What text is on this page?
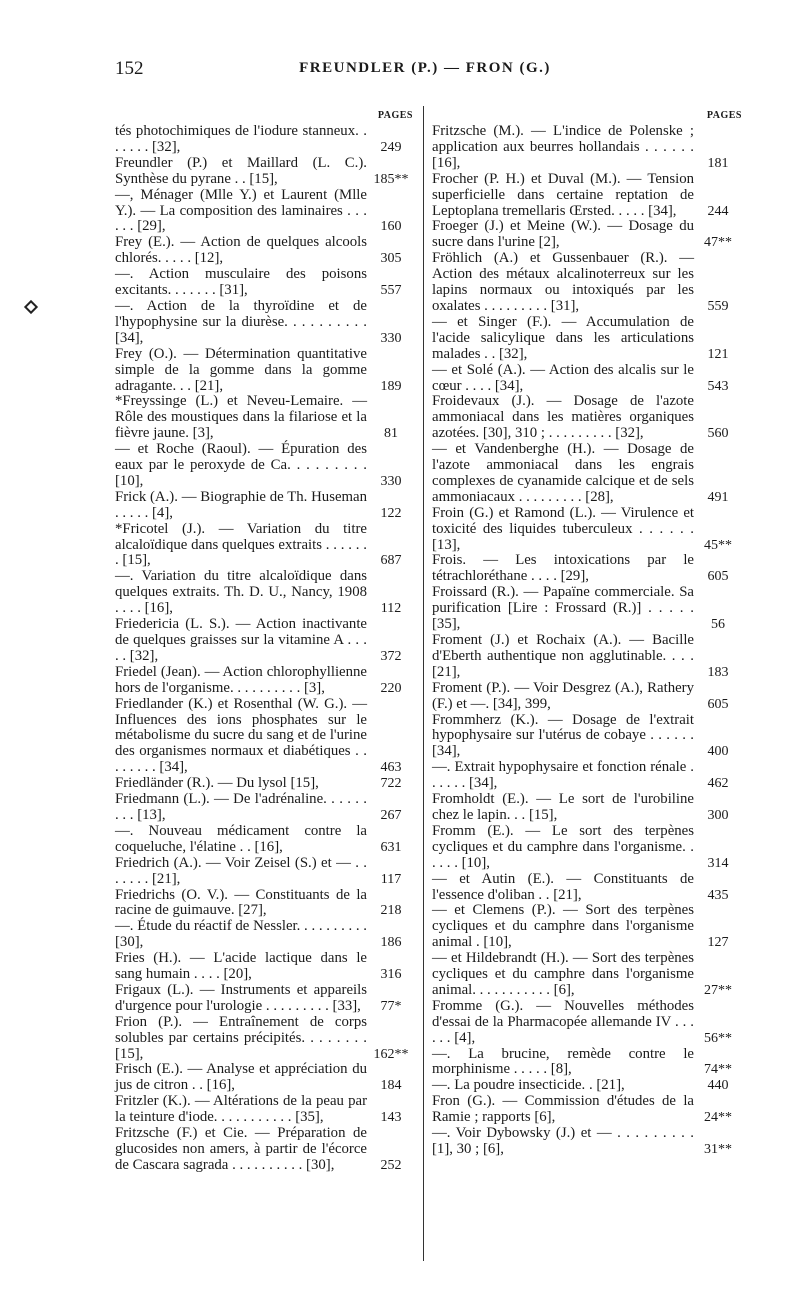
152	FREUNDLER (P.) — FRON (G.)
PAGES
tés photochimiques de l'iodure stanneux. . . . . . . [32],	249
Freundler (P.) et Maillard (L. C.). Synthèse du pyrane . . [15],	185**
—, Ménager (Mlle Y.) et Laurent (Mlle Y.). — La composition des laminaires . . . . . . [29],	160
Frey (E.). — Action de quelques alcools chlorés. . . . . [12],	305
—. Action musculaire des poisons excitants. . . . . . . [31],	557
—. Action de la thyroïdine et de l'hypophysine sur la diurèse. . . . . . . . . . [34],	330
Frey (O.). — Détermination quantitative simple de la gomme dans la gomme adragante. . . [21],	189
*Freyssinge (L.) et Neveu-Lemaire. — Rôle des moustiques dans la filariose et la fièvre jaune. [3],	81
— et Roche (Raoul). — Épuration des eaux par le peroxyde de Ca. . . . . . . . . [10],	330
Frick (A.). — Biographie de Th. Huseman . . . . . [4],	122
*Fricotel (J.). — Variation du titre alcaloïdique dans quelques extraits . . . . . . . [15],	687
—. Variation du titre alcaloïdique dans quelques extraits. Th. D. U., Nancy, 1908 . . . . [16],	112
Friedericia (L. S.). — Action inactivante de quelques graisses sur la vitamine A . . . . . [32],	372
Friedel (Jean). — Action chlorophyllienne hors de l'organisme. . . . . . . . . . [3],	220
Friedlander (K.) et Rosenthal (W. G.). — Influences des ions phosphates sur le métabolisme du sucre du sang et de l'urine des organismes normaux et diabétiques . . . . . . . . [34],	463
Friedländer (R.). — Du lysol [15],	722
Friedmann (L.). — De l'adrénaline. . . . . . . . . [13],	267
—. Nouveau médicament contre la coqueluche, l'élatine . . [16],	631
Friedrich (A.). — Voir Zeisel (S.) et — . . . . . . . [21],	117
Friedrichs (O. V.). — Constituants de la racine de guimauve. [27],	218
—. Étude du réactif de Nessler. . . . . . . . . . [30],	186
Fries (H.). — L'acide lactique dans le sang humain . . . . [20],	316
Frigaux (L.). — Instruments et appareils d'urgence pour l'urologie . . . . . . . . . [33],	77*
Frion (P.). — Entraînement de corps solubles par certains précipités. . . . . . . . [15],	162**
Frisch (E.). — Analyse et appréciation du jus de citron . . [16],	184
Fritzler (K.). — Altérations de la peau par la teinture d'iode. . . . . . . . . . . [35],	143
Fritzsche (F.) et Cie. — Préparation de glucosides non amers, à partir de l'écorce de Cascara sagrada . . . . . . . . . . [30],	252
PAGES
Fritzsche (M.). — L'indice de Polenske ; application aux beurres hollandais . . . . . . [16],	181
Frocher (P. H.) et Duval (M.). — Tension superficielle dans certaine reptation de Leptoplana tremellaris Œrsted. . . . . [34],	244
Froeger (J.) et Meine (W.). — Dosage du sucre dans l'urine [2],	47**
Fröhlich (A.) et Gussenbauer (R.). — Action des métaux alcalinoterreux sur les lapins normaux ou intoxiqués par les oxalates . . . . . . . . . [31],	559
— et Singer (F.). — Accumulation de l'acide salicylique dans les articulations malades . . [32],	121
— et Solé (A.). — Action des alcalis sur le cœur . . . . [34],	543
Froidevaux (J.). — Dosage de l'azote ammoniacal dans les matières organiques azotées. [30], 310 ; . . . . . . . . . [32],	560
— et Vandenberghe (H.). — Dosage de l'azote ammoniacal dans les engrais complexes de cyanamide calcique et de sels ammoniacaux . . . . . . . . . [28],	491
Froin (G.) et Ramond (L.). — Virulence et toxicité des liquides tuberculeux . . . . . . [13],	45**
Frois. — Les intoxications par le tétrachloréthane . . . . [29],	605
Froissard (R.). — Papaïne commerciale. Sa purification [Lire : Frossard (R.)] . . . . . [35],	56
Froment (J.) et Rochaix (A.). — Bacille d'Eberth authentique non agglutinable. . . . [21],	183
Froment (P.). — Voir Desgrez (A.), Rathery (F.) et —. [34], 399,	605
Frommherz (K.). — Dosage de l'extrait hypophysaire sur l'utérus de cobaye . . . . . . [34],	400
—. Extrait hypophysaire et fonction rénale . . . . . . [34],	462
Fromholdt (E.). — Le sort de l'urobiline chez le lapin. . . [15],	300
Fromm (E.). — Le sort des terpènes cycliques et du camphre dans l'organisme. . . . . . [10],	314
— et Autin (E.). — Constituants de l'essence d'oliban . . [21],	435
— et Clemens (P.). — Sort des terpènes cycliques et du camphre dans l'organisme animal . [10],	127
— et Hildebrandt (H.). — Sort des terpènes cycliques et du camphre dans l'organisme animal. . . . . . . . . . . [6],	27**
Fromme (G.). — Nouvelles méthodes d'essai de la Pharmacopée allemande IV . . . . . . [4],	56**
—. La brucine, remède contre le morphinisme . . . . . [8],	74**
—. La poudre insecticide. . [21],	440
Fron (G.). — Commission d'études de la Ramie ; rapports [6],	24**
—. Voir Dybowsky (J.) et — . . . . . . . . . [1], 30 ; [6],	31**
